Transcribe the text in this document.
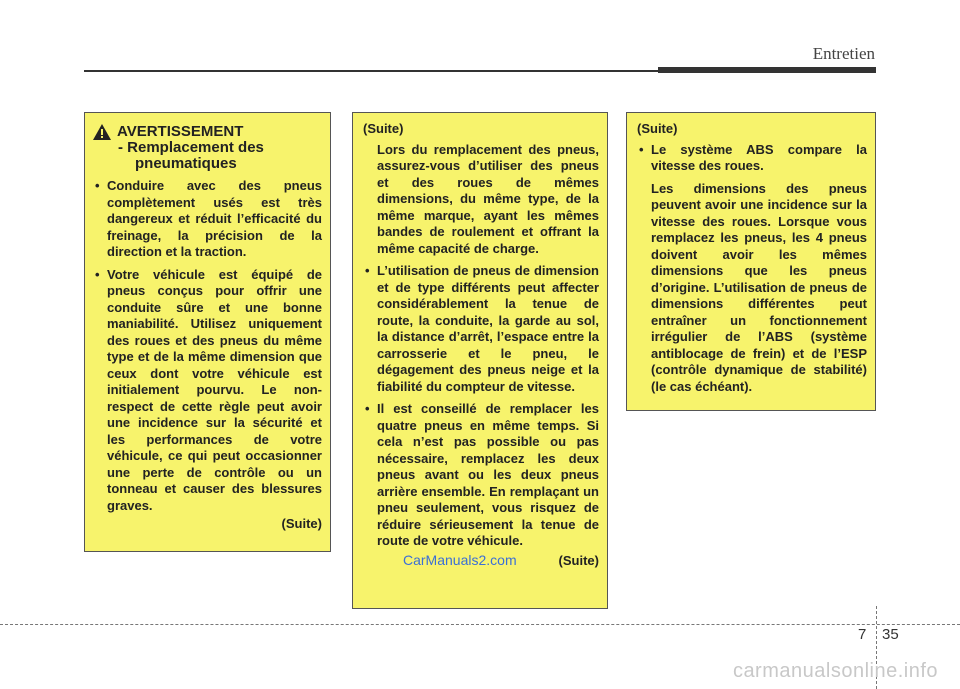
Entretien
AVERTISSEMENT
- Remplacement des
pneumatiques
• Conduire avec des pneus complètement usés est très dangereux et réduit l’efficacité du freinage, la précision de la direction et la traction.
• Votre véhicule est équipé de pneus conçus pour offrir une conduite sûre et une bonne maniabilité. Utilisez uniquement des roues et des pneus du même type et de la même dimension que ceux dont votre véhicule est initialement pourvu. Le non-respect de cette règle peut avoir une incidence sur la sécurité et les performances de votre véhicule, ce qui peut occasionner une perte de contrôle ou un tonneau et causer des blessures graves.
(Suite)
(Suite)

Lors du remplacement des pneus, assurez-vous d’utiliser des pneus et des roues de mêmes dimensions, du même type, de la même marque, ayant les mêmes bandes de roulement et offrant la même capacité de charge.

• L’utilisation de pneus de dimension et de type différents peut affecter considérablement la tenue de route, la conduite, la garde au sol, la distance d’arrêt, l’espace entre la carrosserie et le pneu, le dégagement des pneus neige et la fiabilité du compteur de vitesse.
• Il est conseillé de remplacer les quatre pneus en même temps. Si cela n’est pas possible ou pas nécessaire, remplacez les deux pneus avant ou les deux pneus arrière ensemble. En remplaçant un pneu seulement, vous risquez de réduire sérieusement la tenue de route de votre véhicule.
CarManuals2.com	(Suite)
(Suite)
• Le système ABS compare la vitesse des roues.

Les dimensions des pneus peuvent avoir une incidence sur la vitesse des roues. Lorsque vous remplacez les pneus, les 4 pneus doivent avoir les mêmes dimensions que les pneus d’origine. L’utilisation de pneus de dimensions différentes peut entraîner un fonctionnement irrégulier de l’ABS (système antiblocage de frein) et de l’ESP (contrôle dynamique de stabilité) (le cas échéant).

7 35
carmanualsonline.info
